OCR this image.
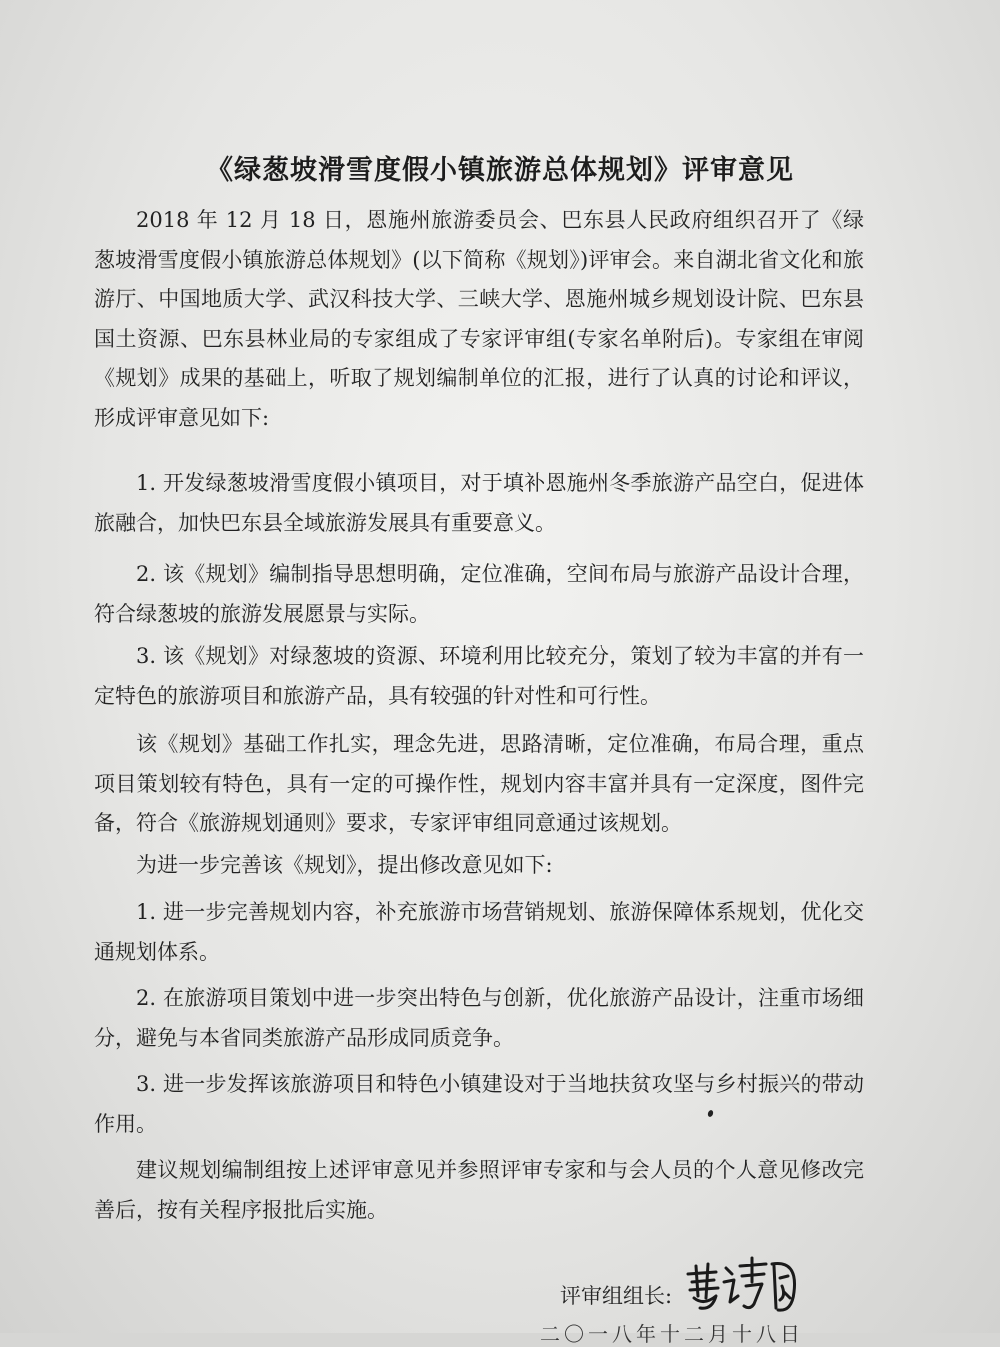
《绿葱坡滑雪度假小镇旅游总体规划》评审意见

2018 年 12 月 18 日，恩施州旅游委员会、巴东县人民政府组织召开了《绿葱坡滑雪度假小镇旅游总体规划》(以下简称《规划》)评审会。来自湖北省文化和旅游厅、中国地质大学、武汉科技大学、三峡大学、恩施州城乡规划设计院、巴东县国土资源、巴东县林业局的专家组成了专家评审组(专家名单附后)。专家组在审阅《规划》成果的基础上，听取了规划编制单位的汇报，进行了认真的讨论和评议，形成评审意见如下:

1. 开发绿葱坡滑雪度假小镇项目，对于填补恩施州冬季旅游产品空白，促进体旅融合，加快巴东县全域旅游发展具有重要意义。

2. 该《规划》编制指导思想明确，定位准确，空间布局与旅游产品设计合理，符合绿葱坡的旅游发展愿景与实际。

3. 该《规划》对绿葱坡的资源、环境利用比较充分，策划了较为丰富的并有一定特色的旅游项目和旅游产品，具有较强的针对性和可行性。

该《规划》基础工作扎实，理念先进，思路清晰，定位准确，布局合理，重点项目策划较有特色，具有一定的可操作性，规划内容丰富并具有一定深度，图件完备，符合《旅游规划通则》要求，专家评审组同意通过该规划。

为进一步完善该《规划》，提出修改意见如下:

1. 进一步完善规划内容，补充旅游市场营销规划、旅游保障体系规划，优化交通规划体系。

2. 在旅游项目策划中进一步突出特色与创新，优化旅游产品设计，注重市场细分，避免与本省同类旅游产品形成同质竞争。

3. 进一步发挥该旅游项目和特色小镇建设对于当地扶贫攻坚与乡村振兴的带动作用。

建议规划编制组按上述评审意见并参照评审专家和与会人员的个人意见修改完善后，按有关程序报批后实施。

评审组组长:
曹诗图
二〇一八年十二月十八日
